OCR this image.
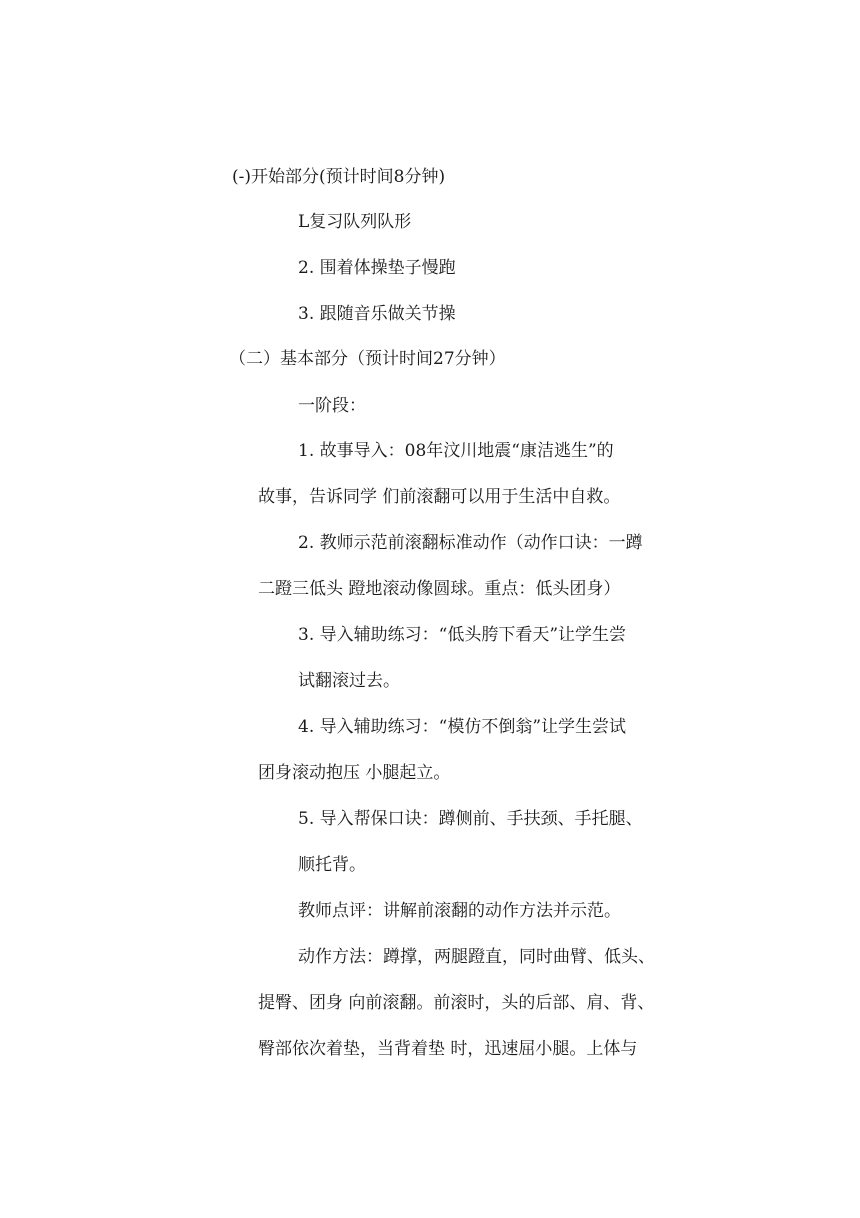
(-)开始部分(预计时间8分钟)
L复习队列队形
2. 围着体操垫子慢跑
3. 跟随音乐做关节操
（二）基本部分（预计时间27分钟）
一阶段：
1. 故事导入：08年汶川地震“康洁逃生”的
故事，告诉同学 们前滚翻可以用于生活中自救。
2. 教师示范前滚翻标准动作（动作口诀：一蹲
二蹬三低头 蹬地滚动像圆球。重点：低头团身）
3. 导入辅助练习：“低头胯下看天”让学生尝
试翻滚过去。
4. 导入辅助练习：“模仿不倒翁”让学生尝试
团身滚动抱压 小腿起立。
5. 导入帮保口诀：蹲侧前、手扶颈、手托腿、
顺托背。
教师点评：讲解前滚翻的动作方法并示范。
动作方法：蹲撑，两腿蹬直，同时曲臂、低头、
提臀、团身 向前滚翻。前滚时，头的后部、肩、背、
臀部依次着垫，当背着垫 时，迅速屈小腿。上体与
